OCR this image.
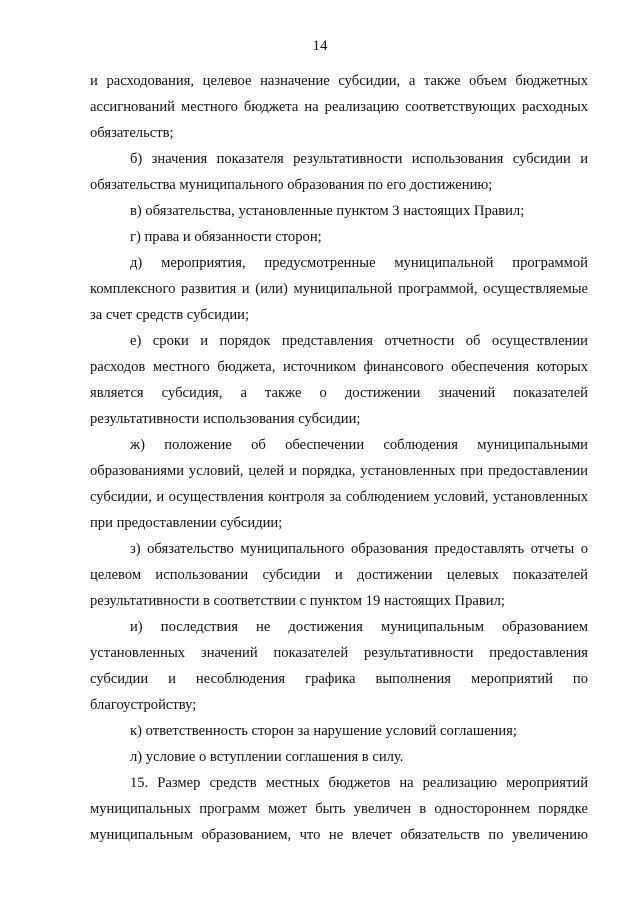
14

и расходования, целевое назначение субсидии, а также объем бюджетных ассигнований местного бюджета на реализацию соответствующих расходных обязательств;

б) значения показателя результативности использования субсидии и обязательства муниципального образования по его достижению;

в) обязательства, установленные пунктом 3 настоящих Правил;

г) права и обязанности сторон;

д) мероприятия, предусмотренные муниципальной программой комплексного развития и (или) муниципальной программой, осуществляемые за счет средств субсидии;

е) сроки и порядок представления отчетности об осуществлении расходов местного бюджета, источником финансового обеспечения которых является субсидия, а также о достижении значений показателей результативности использования субсидии;

ж) положение об обеспечении соблюдения муниципальными образованиями условий, целей и порядка, установленных при предоставлении субсидии, и осуществления контроля за соблюдением условий, установленных при предоставлении субсидии;

з) обязательство муниципального образования предоставлять отчеты о целевом использовании субсидии и достижении целевых показателей результативности в соответствии с пунктом 19 настоящих Правил;

и) последствия не достижения муниципальным образованием установленных значений показателей результативности предоставления субсидии и несоблюдения графика выполнения мероприятий по благоустройству;

к) ответственность сторон за нарушение условий соглашения;

л) условие о вступлении соглашения в силу.

15. Размер средств местных бюджетов на реализацию мероприятий муниципальных программ может быть увеличен в одностороннем порядке муниципальным образованием, что не влечет обязательств по увеличению
